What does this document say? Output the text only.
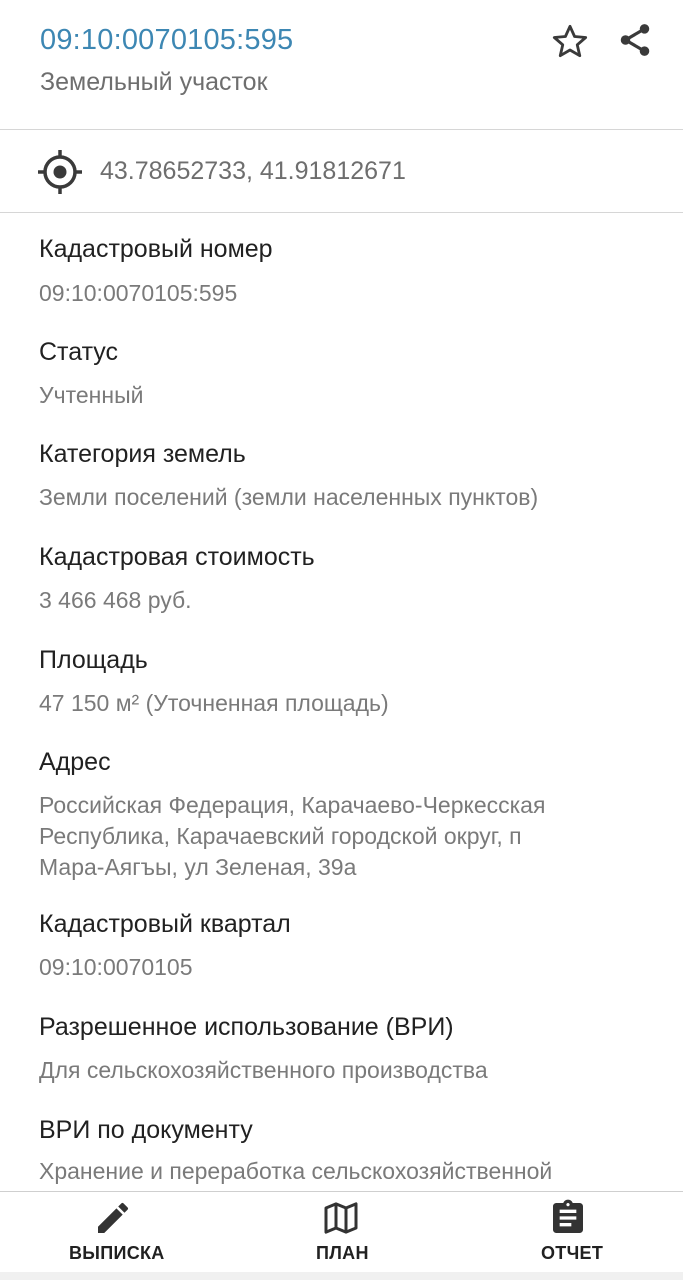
09:10:0070105:595
Земельный участок
43.78652733, 41.91812671
Кадастровый номер
09:10:0070105:595
Статус
Учтенный
Категория земель
Земли поселений (земли населенных пунктов)
Кадастровая стоимость
3 466 468 руб.
Площадь
47 150 м² (Уточненная площадь)
Адрес
Российская Федерация, Карачаево-Черкесская
Республика, Карачаевский городской округ, п
Мара-Аягъы, ул Зеленая, 39а
Кадастровый квартал
09:10:0070105
Разрешенное использование (ВРИ)
Для сельскохозяйственного производства
ВРИ по документу
Хранение и переработка сельскохозяйственной
ВЫПИСКА	ПЛАН	ОТЧЕТ
